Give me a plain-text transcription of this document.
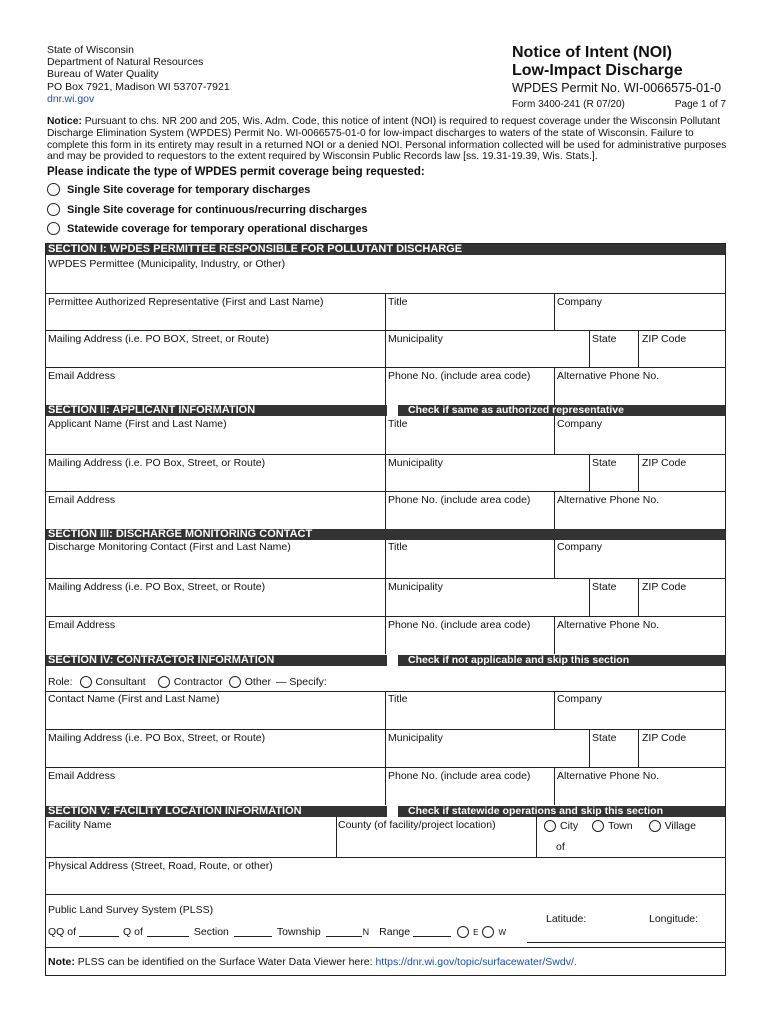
State of Wisconsin
Department of Natural Resources
Bureau of Water Quality
PO Box 7921, Madison WI 53707-7921
dnr.wi.gov
Notice of Intent (NOI)
Low-Impact Discharge
WPDES Permit No. WI-0066575-01-0
Form 3400-241 (R 07/20)	Page 1 of 7
Notice: Pursuant to chs. NR 200 and 205, Wis. Adm. Code, this notice of intent (NOI) is required to request coverage under the Wisconsin Pollutant Discharge Elimination System (WPDES) Permit No. WI-0066575-01-0 for low-impact discharges to waters of the state of Wisconsin. Failure to complete this form in its entirety may result in a returned NOI or a denied NOI. Personal information collected will be used for administrative purposes and may be provided to requestors to the extent required by Wisconsin Public Records law [ss. 19.31-19.39, Wis. Stats.].
Please indicate the type of WPDES permit coverage being requested:
Single Site coverage for temporary discharges
Single Site coverage for continuous/recurring discharges
Statewide coverage for temporary operational discharges
SECTION I: WPDES PERMITTEE RESPONSIBLE FOR POLLUTANT DISCHARGE
WPDES Permittee (Municipality, Industry, or Other)
Permittee Authorized Representative (First and Last Name)	Title	Company
Mailing Address (i.e. PO BOX, Street, or Route)	Municipality	State ZIP Code
Email Address	Phone No. (include area code)	Alternative Phone No.
SECTION II: APPLICANT INFORMATION	Check if same as authorized representative
Applicant Name (First and Last Name)	Title	Company
Mailing Address (i.e. PO Box, Street, or Route)	Municipality	State ZIP Code
Email Address	Phone No. (include area code)	Alternative Phone No.
SECTION III: DISCHARGE MONITORING CONTACT
Discharge Monitoring Contact (First and Last Name)	Title	Company
Mailing Address (i.e. PO Box, Street, or Route)	Municipality	State ZIP Code
Email Address	Phone No. (include area code)	Alternative Phone No.
SECTION IV: CONTRACTOR INFORMATION	Check if not applicable and skip this section
Role: Consultant	Contractor Other — Specify:
Contact Name (First and Last Name)	Title	Company
Mailing Address (i.e. PO Box, Street, or Route)	Municipality	State ZIP Code
Email Address	Phone No. (include area code)	Alternative Phone No.
SECTION V: FACILITY LOCATION INFORMATION	Check if statewide operations and skip this section
Facility Name	County (of facility/project location)	City	Town	Village
of
Physical Address (Street, Road, Route, or other)
Public Land Survey System (PLSS)
QQ of	Q of	Section	Township	N Range	E	W
Latitude:	Longitude:
Note: PLSS can be identified on the Surface Water Data Viewer here: https://dnr.wi.gov/topic/surfacewater/Swdv/.
